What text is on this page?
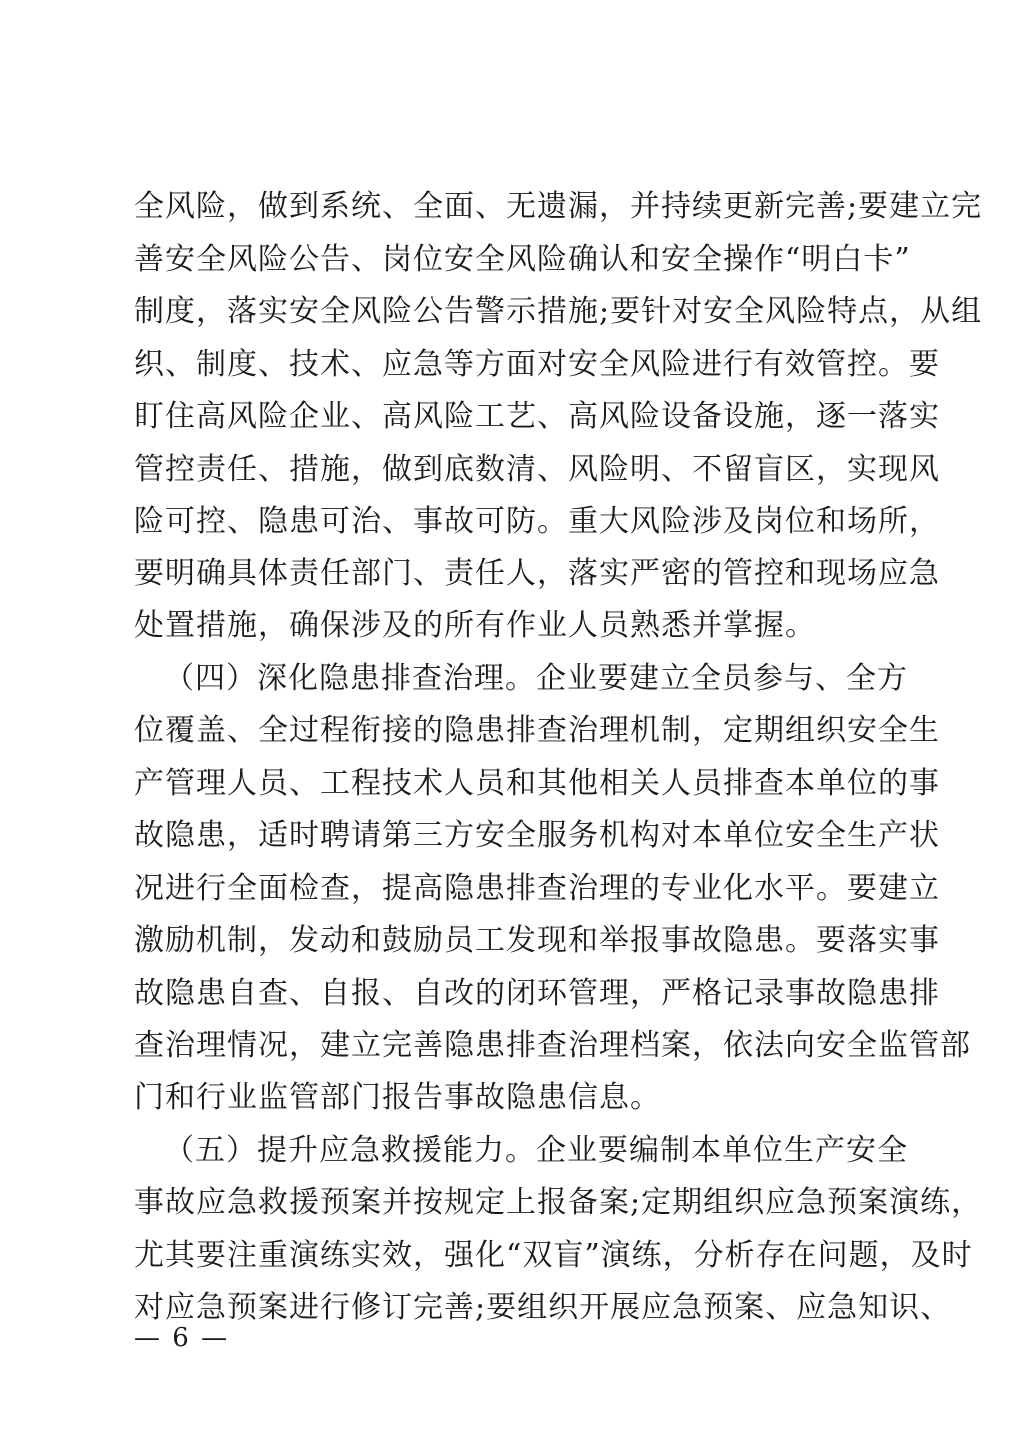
全风险，做到系统、全面、无遗漏，并持续更新完善;要建立完
善安全风险公告、岗位安全风险确认和安全操作“明白卡”
制度，落实安全风险公告警示措施;要针对安全风险特点，从组
织、制度、技术、应急等方面对安全风险进行有效管控。要
盯住高风险企业、高风险工艺、高风险设备设施，逐一落实
管控责任、措施，做到底数清、风险明、不留盲区，实现风
险可控、隐患可治、事故可防。重大风险涉及岗位和场所，
要明确具体责任部门、责任人，落实严密的管控和现场应急
处置措施，确保涉及的所有作业人员熟悉并掌握。
（四）深化隐患排查治理。企业要建立全员参与、全方
位覆盖、全过程衔接的隐患排查治理机制，定期组织安全生
产管理人员、工程技术人员和其他相关人员排查本单位的事
故隐患，适时聘请第三方安全服务机构对本单位安全生产状
况进行全面检查，提高隐患排查治理的专业化水平。要建立
激励机制，发动和鼓励员工发现和举报事故隐患。要落实事
故隐患自查、自报、自改的闭环管理，严格记录事故隐患排
查治理情况，建立完善隐患排查治理档案，依法向安全监管部
门和行业监管部门报告事故隐患信息。
（五）提升应急救援能力。企业要编制本单位生产安全
事故应急救援预案并按规定上报备案;定期组织应急预案演练，
尤其要注重演练实效，强化“双盲”演练，分析存在问题，及时
对应急预案进行修订完善;要组织开展应急预案、应急知识、
— 6 —
